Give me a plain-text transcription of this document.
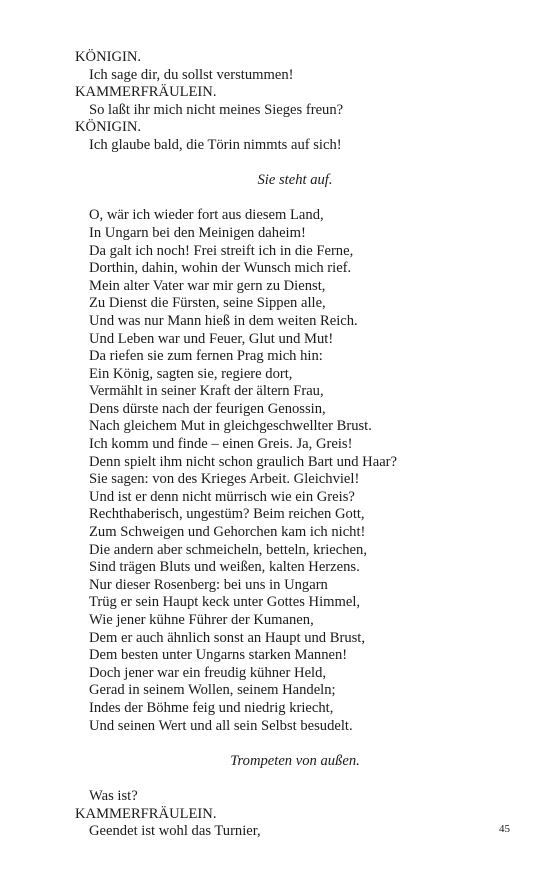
KÖNIGIN.
Ich sage dir, du sollst verstummen!
KAMMERFRÄULEIN.
So laßt ihr mich nicht meines Sieges freun?
KÖNIGIN.
Ich glaube bald, die Törin nimmts auf sich!
Sie steht auf.
O, wär ich wieder fort aus diesem Land,
In Ungarn bei den Meinigen daheim!
Da galt ich noch! Frei streift ich in die Ferne,
Dorthin, dahin, wohin der Wunsch mich rief.
Mein alter Vater war mir gern zu Dienst,
Zu Dienst die Fürsten, seine Sippen alle,
Und was nur Mann hieß in dem weiten Reich.
Und Leben war und Feuer, Glut und Mut!
Da riefen sie zum fernen Prag mich hin:
Ein König, sagten sie, regiere dort,
Vermählt in seiner Kraft der ältern Frau,
Dens dürste nach der feurigen Genossin,
Nach gleichem Mut in gleichgeschwellter Brust.
Ich komm und finde – einen Greis. Ja, Greis!
Denn spielt ihm nicht schon graulich Bart und Haar?
Sie sagen: von des Krieges Arbeit. Gleichviel!
Und ist er denn nicht mürrisch wie ein Greis?
Rechthaberisch, ungestüm? Beim reichen Gott,
Zum Schweigen und Gehorchen kam ich nicht!
Die andern aber schmeicheln, betteln, kriechen,
Sind trägen Bluts und weißen, kalten Herzens.
Nur dieser Rosenberg: bei uns in Ungarn
Trüg er sein Haupt keck unter Gottes Himmel,
Wie jener kühne Führer der Kumanen,
Dem er auch ähnlich sonst an Haupt und Brust,
Dem besten unter Ungarns starken Mannen!
Doch jener war ein freudig kühner Held,
Gerad in seinem Wollen, seinem Handeln;
Indes der Böhme feig und niedrig kriecht,
Und seinen Wert und all sein Selbst besudelt.
Trompeten von außen.
Was ist?
KAMMERFRÄULEIN.
Geendet ist wohl das Turnier,	45
